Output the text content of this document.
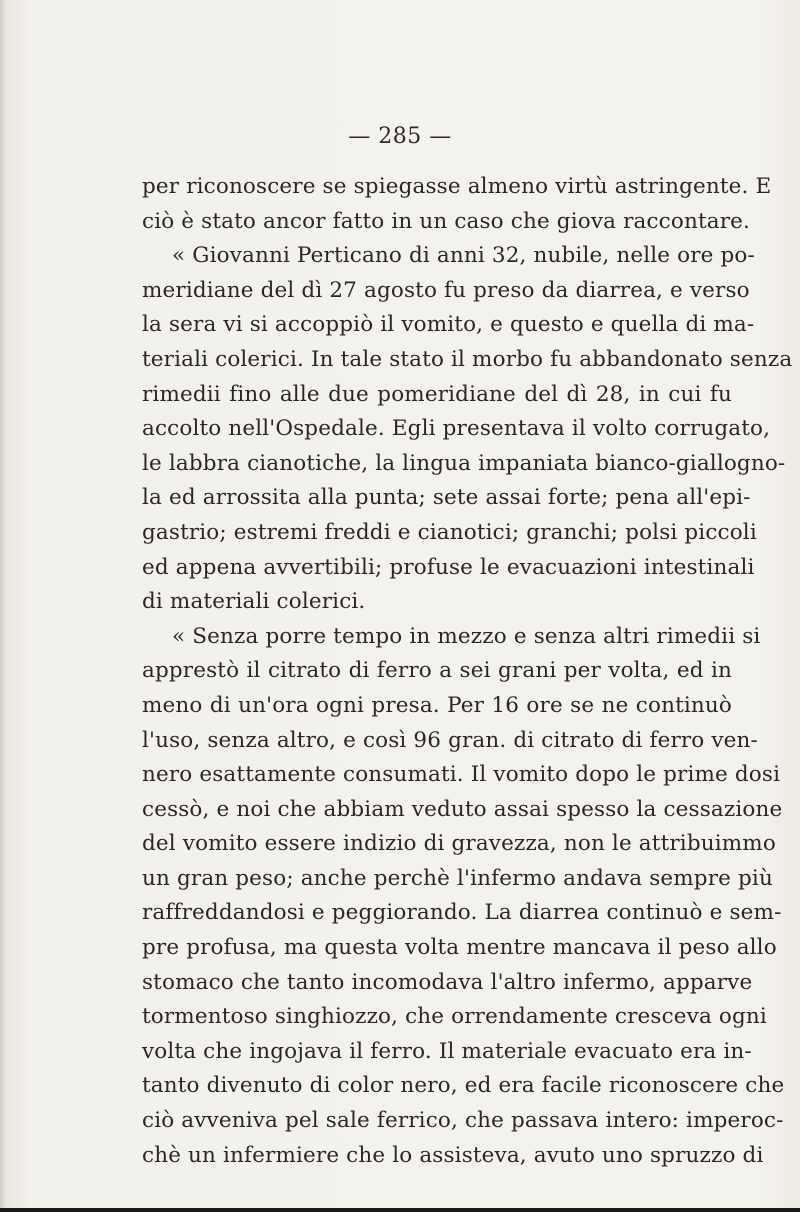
— 285 —
per riconoscere se spiegasse almeno virtù astringente. E
ciò è stato ancor fatto in un caso che giova raccontare.
« Giovanni Perticano di anni 32, nubile, nelle ore po-
meridiane del dì 27 agosto fu preso da diarrea, e verso
la sera vi si accoppiò il vomito, e questo e quella di ma-
teriali colerici. In tale stato il morbo fu abbandonato senza
rimedii fino alle due pomeridiane del dì 28, in cui fu
accolto nell'Ospedale. Egli presentava il volto corrugato,
le labbra cianotiche, la lingua impaniata bianco-giallogno-
la ed arrossita alla punta; sete assai forte; pena all'epi-
gastrio; estremi freddi e cianotici; granchi; polsi piccoli
ed appena avvertibili; profuse le evacuazioni intestinali
di materiali colerici.
« Senza porre tempo in mezzo e senza altri rimedii si
apprestò il citrato di ferro a sei grani per volta, ed in
meno di un'ora ogni presa. Per 16 ore se ne continuò
l'uso, senza altro, e così 96 gran. di citrato di ferro ven-
nero esattamente consumati. Il vomito dopo le prime dosi
cessò, e noi che abbiam veduto assai spesso la cessazione
del vomito essere indizio di gravezza, non le attribuimmo
un gran peso; anche perchè l'infermo andava sempre più
raffreddandosi e peggiorando. La diarrea continuò e sem-
pre profusa, ma questa volta mentre mancava il peso allo
stomaco che tanto incomodava l'altro infermo, apparve
tormentoso singhiozzo, che orrendamente cresceva ogni
volta che ingojava il ferro. Il materiale evacuato era in-
tanto divenuto di color nero, ed era facile riconoscere che
ciò avveniva pel sale ferrico, che passava intero: imperoc-
chè un infermiere che lo assisteva, avuto uno spruzzo di
